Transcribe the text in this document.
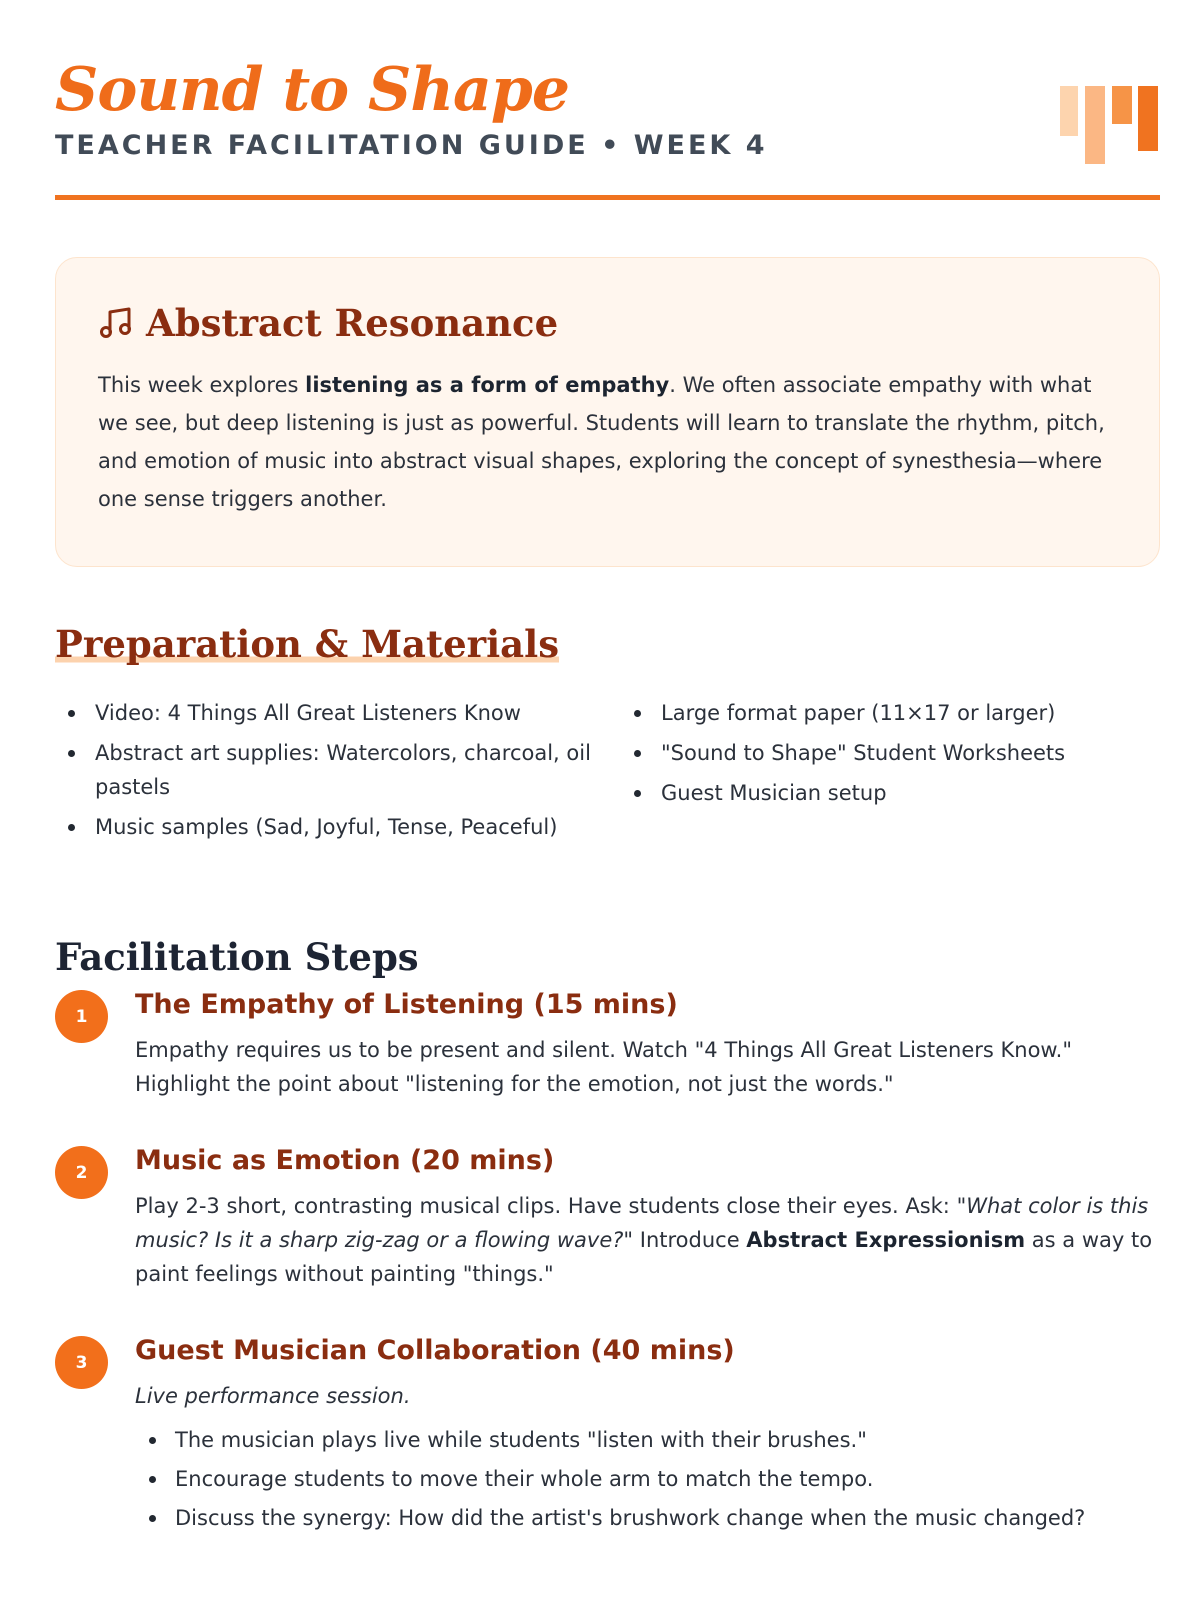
Sound to Shape
TEACHER FACILITATION GUIDE • WEEK 4
Abstract Resonance

This week explores listening as a form of empathy. We often associate empathy with what we see, but deep listening is just as powerful. Students will learn to translate the rhythm, pitch, and emotion of music into abstract visual shapes, exploring the concept of synesthesia—where one sense triggers another.

Preparation & Materials
Video: 4 Things All Great Listeners Know
Abstract art supplies: Watercolors, charcoal, oil pastels
Music samples (Sad, Joyful, Tense, Peaceful)
Large format paper (11×17 or larger)
"Sound to Shape" Student Worksheets
Guest Musician setup
Facilitation Steps
1	The Empathy of Listening (15 mins)

Empathy requires us to be present and silent. Watch "4 Things All Great Listeners Know." Highlight the point about "listening for the emotion, not just the words."

2	Music as Emotion (20 mins)

Play 2-3 short, contrasting musical clips. Have students close their eyes. Ask: "What color is this music? Is it a sharp zig-zag or a flowing wave?" Introduce Abstract Expressionism as a way to paint feelings without painting "things."

3	Guest Musician Collaboration (40 mins)

Live performance session.

The musician plays live while students "listen with their brushes."
Encourage students to move their whole arm to match the tempo.
Discuss the synergy: How did the artist's brushwork change when the music changed?
